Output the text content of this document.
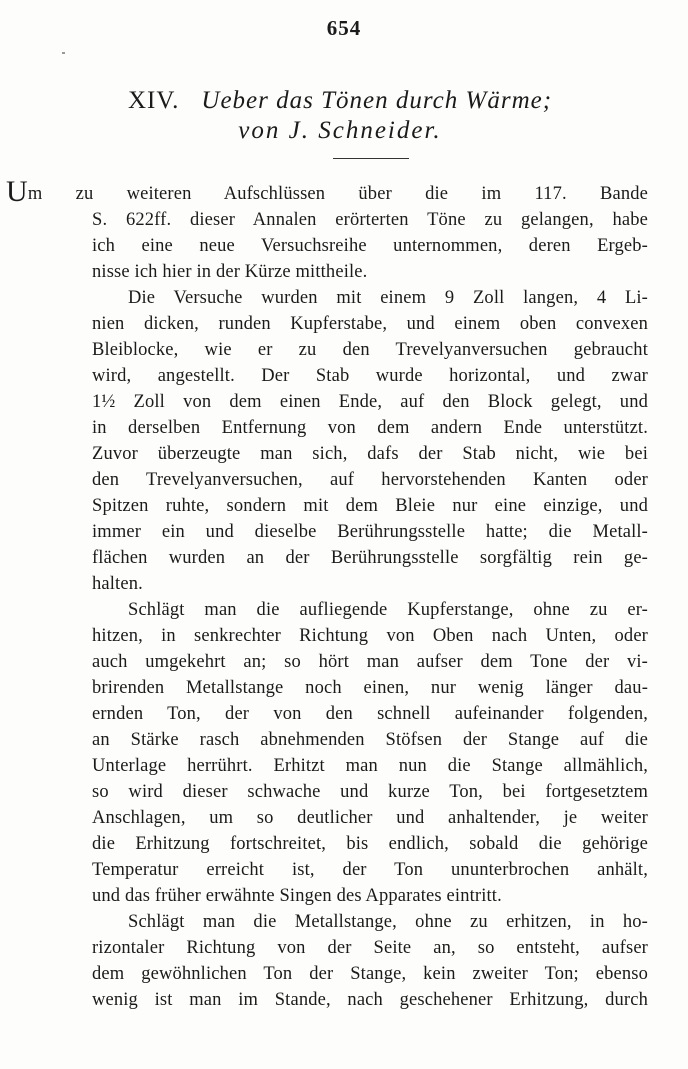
654
XIV. Ueber das Tönen durch Wärme;
von J. Schneider.
Um zu weiteren Aufschlüssen über die im 117. Bande
S. 622ff. dieser Annalen erörterten Töne zu gelangen, habe
ich eine neue Versuchsreihe unternommen, deren Ergeb-
nisse ich hier in der Kürze mittheile.
Die Versuche wurden mit einem 9 Zoll langen, 4 Li-
nien dicken, runden Kupferstabe, und einem oben convexen
Bleiblocke, wie er zu den Trevelyanversuchen gebraucht
wird, angestellt. Der Stab wurde horizontal, und zwar
1½ Zoll von dem einen Ende, auf den Block gelegt, und
in derselben Entfernung von dem andern Ende unterstützt.
Zuvor überzeugte man sich, dafs der Stab nicht, wie bei
den Trevelyanversuchen, auf hervorstehenden Kanten oder
Spitzen ruhte, sondern mit dem Bleie nur eine einzige, und
immer ein und dieselbe Berührungsstelle hatte; die Metall-
flächen wurden an der Berührungsstelle sorgfältig rein ge-
halten.
Schlägt man die aufliegende Kupferstange, ohne zu er-
hitzen, in senkrechter Richtung von Oben nach Unten, oder
auch umgekehrt an; so hört man aufser dem Tone der vi-
brirenden Metallstange noch einen, nur wenig länger dau-
ernden Ton, der von den schnell aufeinander folgenden,
an Stärke rasch abnehmenden Stöfsen der Stange auf die
Unterlage herrührt. Erhitzt man nun die Stange allmählich,
so wird dieser schwache und kurze Ton, bei fortgesetztem
Anschlagen, um so deutlicher und anhaltender, je weiter
die Erhitzung fortschreitet, bis endlich, sobald die gehörige
Temperatur erreicht ist, der Ton ununterbrochen anhält,
und das früher erwähnte Singen des Apparates eintritt.
Schlägt man die Metallstange, ohne zu erhitzen, in ho-
rizontaler Richtung von der Seite an, so entsteht, aufser
dem gewöhnlichen Ton der Stange, kein zweiter Ton; ebenso
wenig ist man im Stande, nach geschehener Erhitzung, durch
